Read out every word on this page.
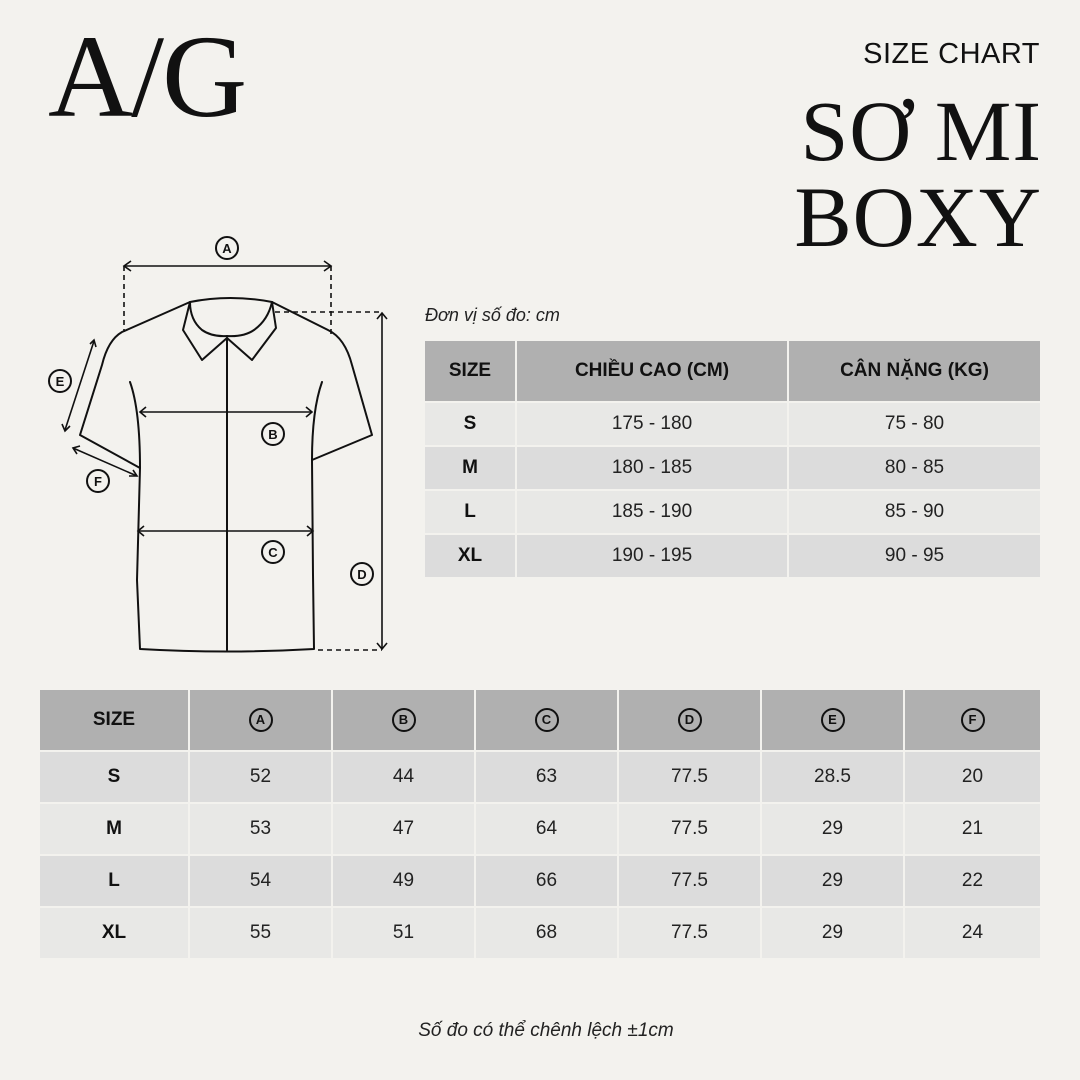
A/G	SIZE CHART
SƠ MI
BOXY
A
B
C
D
E
F
Đơn vị số đo: cm
SIZE	CHIỀU CAO (CM)	CÂN NẶNG (KG)
S	175 - 180	75 - 80
M	180 - 185	80 - 85
L	185 - 190	85 - 90
XL	190 - 195	90 - 95
SIZE	A	B	C	D	E	F
S	52	44	63	77.5	28.5	20
M	53	47	64	77.5	29	21
L	54	49	66	77.5	29	22
XL	55	51	68	77.5	29	24
Số đo có thể chênh lệch ±1cm
